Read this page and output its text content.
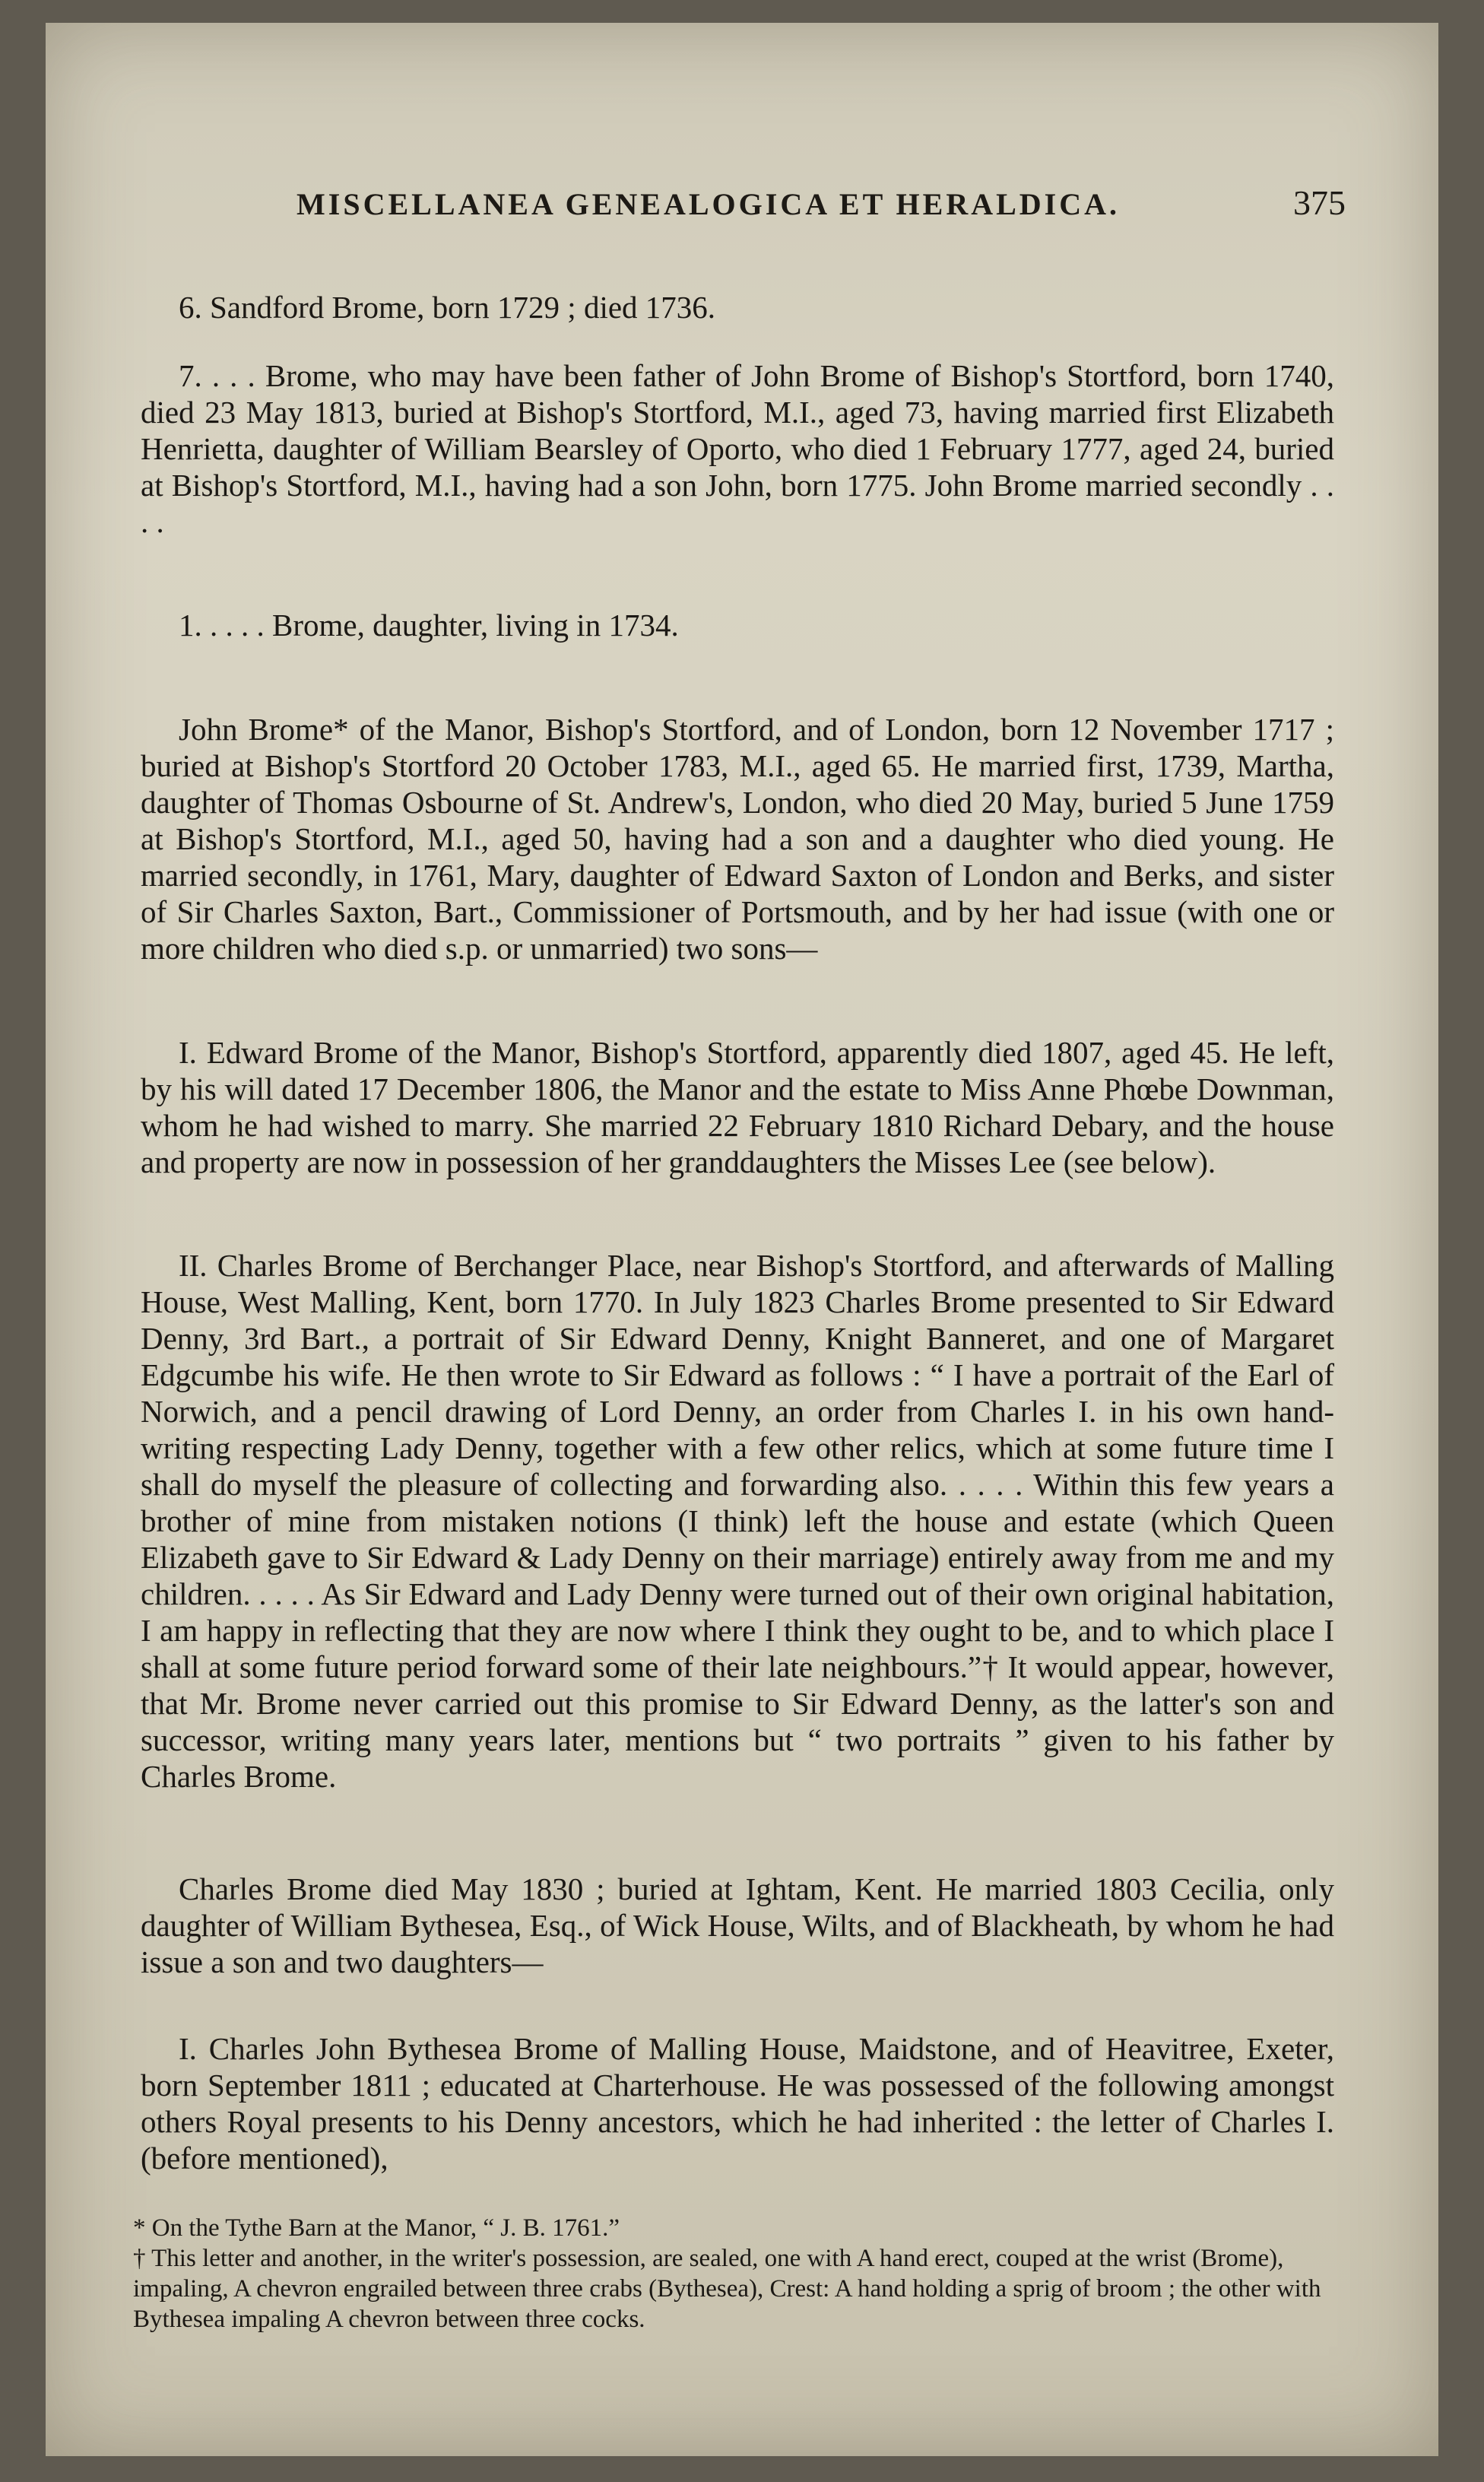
MISCELLANEA GENEALOGICA ET HERALDICA.	375

6. Sandford Brome, born 1729 ; died 1736.

7. . . . Brome, who may have been father of John Brome of Bishop's Stortford, born 1740, died 23 May 1813, buried at Bishop's Stortford, M.I., aged 73, having married first Elizabeth Henrietta, daughter of William Bearsley of Oporto, who died 1 February 1777, aged 24, buried at Bishop's Stortford, M.I., having had a son John, born 1775. John Brome married secondly . . . .

1. . . . . Brome, daughter, living in 1734.

John Brome* of the Manor, Bishop's Stortford, and of London, born 12 November 1717 ; buried at Bishop's Stortford 20 October 1783, M.I., aged 65. He married first, 1739, Martha, daughter of Thomas Osbourne of St. Andrew's, London, who died 20 May, buried 5 June 1759 at Bishop's Stortford, M.I., aged 50, having had a son and a daughter who died young. He married secondly, in 1761, Mary, daughter of Edward Saxton of London and Berks, and sister of Sir Charles Saxton, Bart., Commissioner of Portsmouth, and by her had issue (with one or more children who died s.p. or unmarried) two sons—

I. Edward Brome of the Manor, Bishop's Stortford, apparently died 1807, aged 45. He left, by his will dated 17 December 1806, the Manor and the estate to Miss Anne Phœbe Downman, whom he had wished to marry. She married 22 February 1810 Richard Debary, and the house and property are now in possession of her granddaughters the Misses Lee (see below).

II. Charles Brome of Berchanger Place, near Bishop's Stortford, and afterwards of Malling House, West Malling, Kent, born 1770. In July 1823 Charles Brome presented to Sir Edward Denny, 3rd Bart., a portrait of Sir Edward Denny, Knight Banneret, and one of Margaret Edgcumbe his wife. He then wrote to Sir Edward as follows : “ I have a portrait of the Earl of Norwich, and a pencil drawing of Lord Denny, an order from Charles I. in his own hand-writing respecting Lady Denny, together with a few other relics, which at some future time I shall do myself the pleasure of collecting and forwarding also. . . . . Within this few years a brother of mine from mistaken notions (I think) left the house and estate (which Queen Elizabeth gave to Sir Edward & Lady Denny on their marriage) entirely away from me and my children. . . . . As Sir Edward and Lady Denny were turned out of their own original habitation, I am happy in reflecting that they are now where I think they ought to be, and to which place I shall at some future period forward some of their late neighbours.”† It would appear, however, that Mr. Brome never carried out this promise to Sir Edward Denny, as the latter's son and successor, writing many years later, mentions but “ two portraits ” given to his father by Charles Brome.

Charles Brome died May 1830 ; buried at Ightam, Kent. He married 1803 Cecilia, only daughter of William Bythesea, Esq., of Wick House, Wilts, and of Blackheath, by whom he had issue a son and two daughters—

I. Charles John Bythesea Brome of Malling House, Maidstone, and of Heavitree, Exeter, born September 1811 ; educated at Charterhouse. He was possessed of the following amongst others Royal presents to his Denny ancestors, which he had inherited : the letter of Charles I. (before mentioned),

* On the Tythe Barn at the Manor, “ J. B. 1761.”

† This letter and another, in the writer's possession, are sealed, one with A hand erect, couped at the wrist (Brome), impaling, A chevron engrailed between three crabs (Bythesea), Crest: A hand holding a sprig of broom ; the other with Bythesea impaling A chevron between three cocks.
